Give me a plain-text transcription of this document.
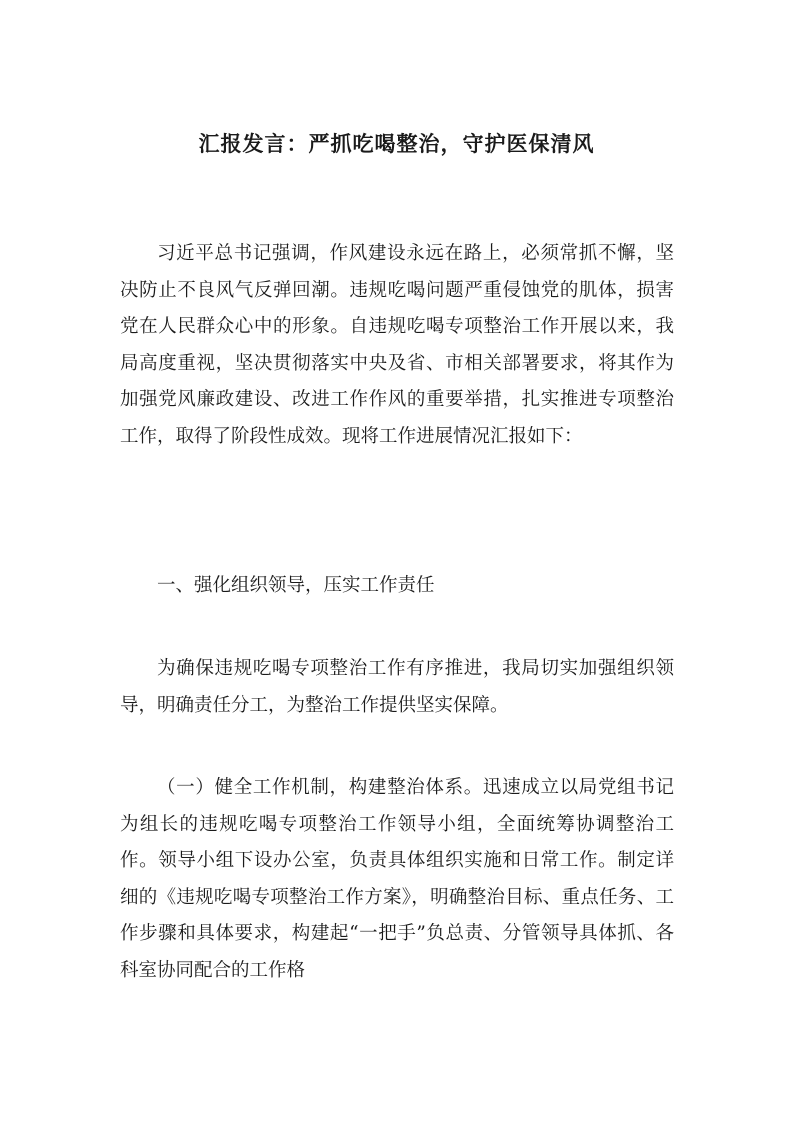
汇报发言：严抓吃喝整治，守护医保清风

习近平总书记强调，作风建设永远在路上，必须常抓不懈，坚决防止不良风气反弹回潮。违规吃喝问题严重侵蚀党的肌体，损害党在人民群众心中的形象。自违规吃喝专项整治工作开展以来，我局高度重视，坚决贯彻落实中央及省、市相关部署要求，将其作为加强党风廉政建设、改进工作作风的重要举措，扎实推进专项整治工作，取得了阶段性成效。现将工作进展情况汇报如下：

一、强化组织领导，压实工作责任

为确保违规吃喝专项整治工作有序推进，我局切实加强组织领导，明确责任分工，为整治工作提供坚实保障。

（一）健全工作机制，构建整治体系。迅速成立以局党组书记为组长的违规吃喝专项整治工作领导小组，全面统筹协调整治工作。领导小组下设办公室，负责具体组织实施和日常工作。制定详细的《违规吃喝专项整治工作方案》，明确整治目标、重点任务、工作步骤和具体要求，构建起“一把手”负总责、分管领导具体抓、各科室协同配合的工作格
